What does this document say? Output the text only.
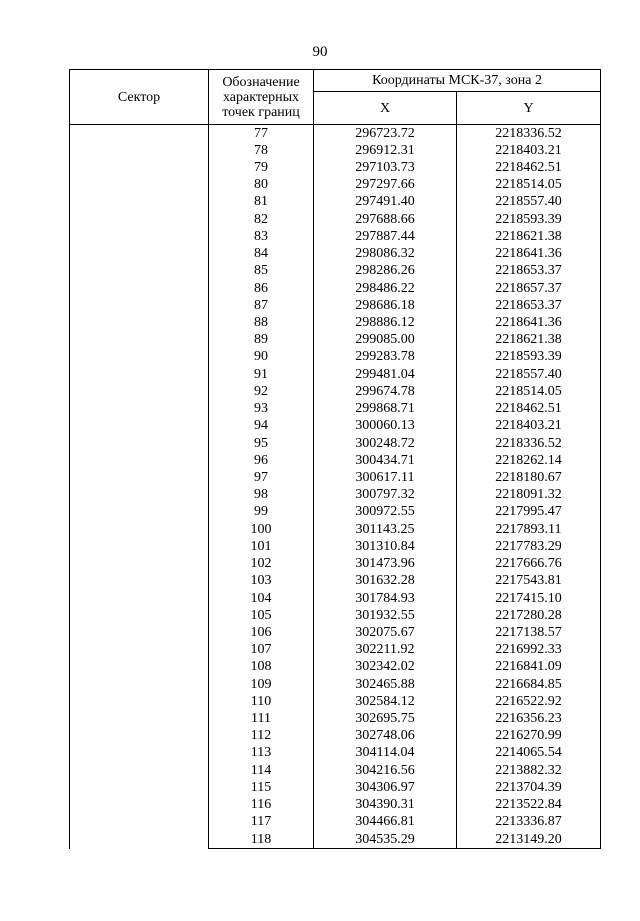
90
Сектор	Обозначение характерных точек границ	Координаты МСК-37, зона 2	
		X	Y
	77	296723.72	2218336.52
	78	296912.31	2218403.21
	79	297103.73	2218462.51
	80	297297.66	2218514.05
	81	297491.40	2218557.40
	82	297688.66	2218593.39
	83	297887.44	2218621.38
	84	298086.32	2218641.36
	85	298286.26	2218653.37
	86	298486.22	2218657.37
	87	298686.18	2218653.37
	88	298886.12	2218641.36
	89	299085.00	2218621.38
	90	299283.78	2218593.39
	91	299481.04	2218557.40
	92	299674.78	2218514.05
	93	299868.71	2218462.51
	94	300060.13	2218403.21
	95	300248.72	2218336.52
	96	300434.71	2218262.14
	97	300617.11	2218180.67
	98	300797.32	2218091.32
	99	300972.55	2217995.47
	100	301143.25	2217893.11
	101	301310.84	2217783.29
	102	301473.96	2217666.76
	103	301632.28	2217543.81
	104	301784.93	2217415.10
	105	301932.55	2217280.28
	106	302075.67	2217138.57
	107	302211.92	2216992.33
	108	302342.02	2216841.09
	109	302465.88	2216684.85
	110	302584.12	2216522.92
	111	302695.75	2216356.23
	112	302748.06	2216270.99
	113	304114.04	2214065.54
	114	304216.56	2213882.32
	115	304306.97	2213704.39
	116	304390.31	2213522.84
	117	304466.81	2213336.87
	118	304535.29	2213149.20
